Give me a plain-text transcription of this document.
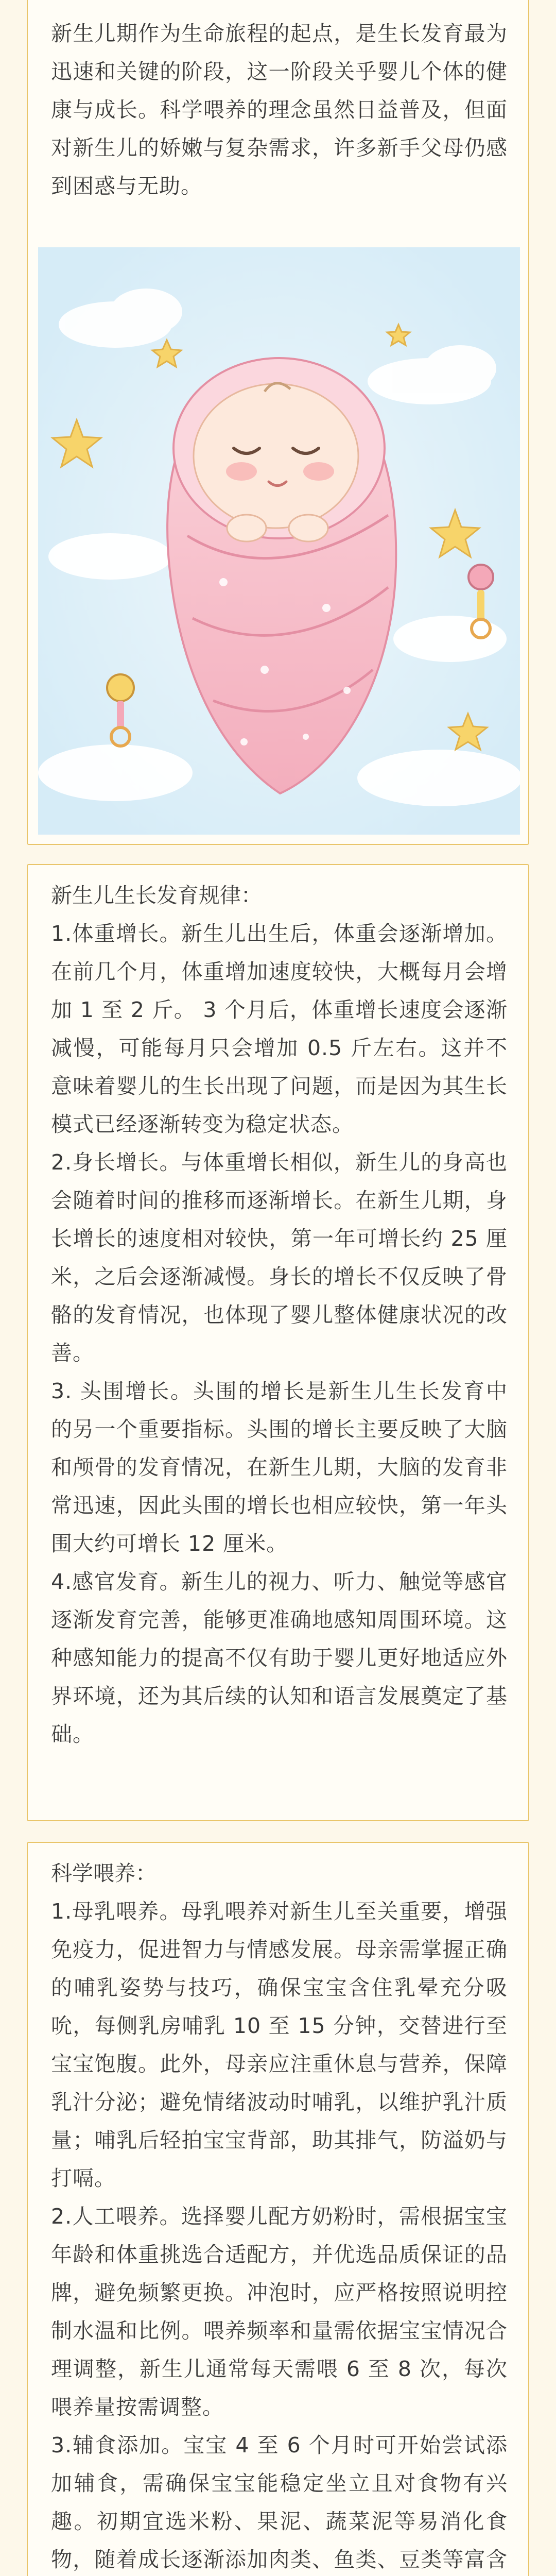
新生儿期作为生命旅程的起点，是生长发育最为迅速和关键的阶段，这一阶段关乎婴儿个体的健康与成长。科学喂养的理念虽然日益普及，但面对新生儿的娇嫩与复杂需求，许多新手父母仍感到困惑与无助。
新生儿生长发育规律：

1.体重增长。新生儿出生后，体重会逐渐增加。在前几个月，体重增加速度较快，大概每月会增加 1 至 2 斤。 3 个月后，体重增长速度会逐渐减慢，可能每月只会增加 0.5 斤左右。这并不意味着婴儿的生长出现了问题，而是因为其生长模式已经逐渐转变为稳定状态。

2.身长增长。与体重增长相似，新生儿的身高也会随着时间的推移而逐渐增长。在新生儿期，身长增长的速度相对较快，第一年可增长约 25 厘米，之后会逐渐减慢。身长的增长不仅反映了骨骼的发育情况，也体现了婴儿整体健康状况的改善。

3. 头围增长。头围的增长是新生儿生长发育中的另一个重要指标。头围的增长主要反映了大脑和颅骨的发育情况，在新生儿期，大脑的发育非常迅速，因此头围的增长也相应较快，第一年头围大约可增长 12 厘米。

4.感官发育。新生儿的视力、听力、触觉等感官逐渐发育完善，能够更准确地感知周围环境。这种感知能力的提高不仅有助于婴儿更好地适应外界环境，还为其后续的认知和语言发展奠定了基础。

科学喂养：

1.母乳喂养。母乳喂养对新生儿至关重要，增强免疫力，促进智力与情感发展。母亲需掌握正确的哺乳姿势与技巧，确保宝宝含住乳晕充分吸吮，每侧乳房哺乳 10 至 15 分钟，交替进行至宝宝饱腹。此外，母亲应注重休息与营养，保障乳汁分泌；避免情绪波动时哺乳，以维护乳汁质量；哺乳后轻拍宝宝背部，助其排气，防溢奶与打嗝。

2.人工喂养。选择婴儿配方奶粉时，需根据宝宝年龄和体重挑选合适配方，并优选品质保证的品牌，避免频繁更换。冲泡时，应严格按照说明控制水温和比例。喂养频率和量需依据宝宝情况合理调整，新生儿通常每天需喂 6 至 8 次，每次喂养量按需调整。

3.辅食添加。宝宝 4 至 6 个月时可开始尝试添加辅食，需确保宝宝能稳定坐立且对食物有兴趣。初期宜选米粉、果泥、蔬菜泥等易消化食物，随着成长逐渐添加肉类、鱼类、豆类等富含
